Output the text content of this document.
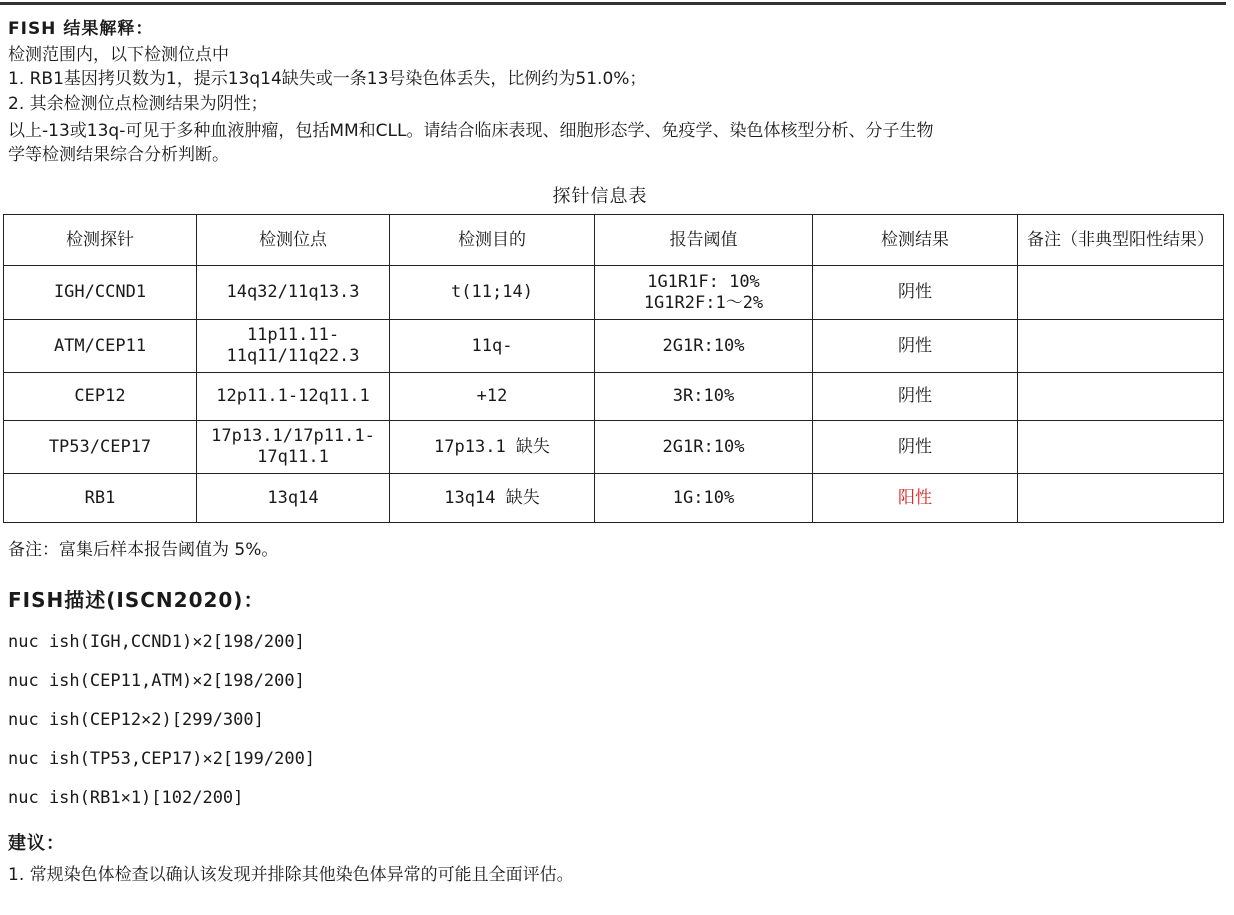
FISH 结果解释：
检测范围内，以下检测位点中
1. RB1基因拷贝数为1，提示13q14缺失或一条13号染色体丢失，比例约为51.0%；
2. 其余检测位点检测结果为阴性；
以上-13或13q-可见于多种血液肿瘤，包括MM和CLL。请结合临床表现、细胞形态学、免疫学、染色体核型分析、分子生物
学等检测结果综合分析判断。
探针信息表
检测探针	检测位点	检测目的	报告阈值	检测结果	备注（非典型阳性结果）
IGH/CCND1	14q32/11q13.3	t(11;14)	1G1R1F: 10%
1G1R2F:1～2%	阴性	
ATM/CEP11	11p11.11-
11q11/11q22.3	11q-	2G1R:10%	阴性	
CEP12	12p11.1-12q11.1	+12	3R:10%	阴性	
TP53/CEP17	17p13.1/17p11.1-
17q11.1	17p13.1 缺失	2G1R:10%	阴性	
RB1	13q14	13q14 缺失	1G:10%	阳性	
备注：富集后样本报告阈值为 5%。
FISH描述(ISCN2020)：
nuc ish(IGH,CCND1)×2[198/200]
nuc ish(CEP11,ATM)×2[198/200]
nuc ish(CEP12×2)[299/300]
nuc ish(TP53,CEP17)×2[199/200]
nuc ish(RB1×1)[102/200]
建议：
1. 常规染色体检查以确认该发现并排除其他染色体异常的可能且全面评估。
